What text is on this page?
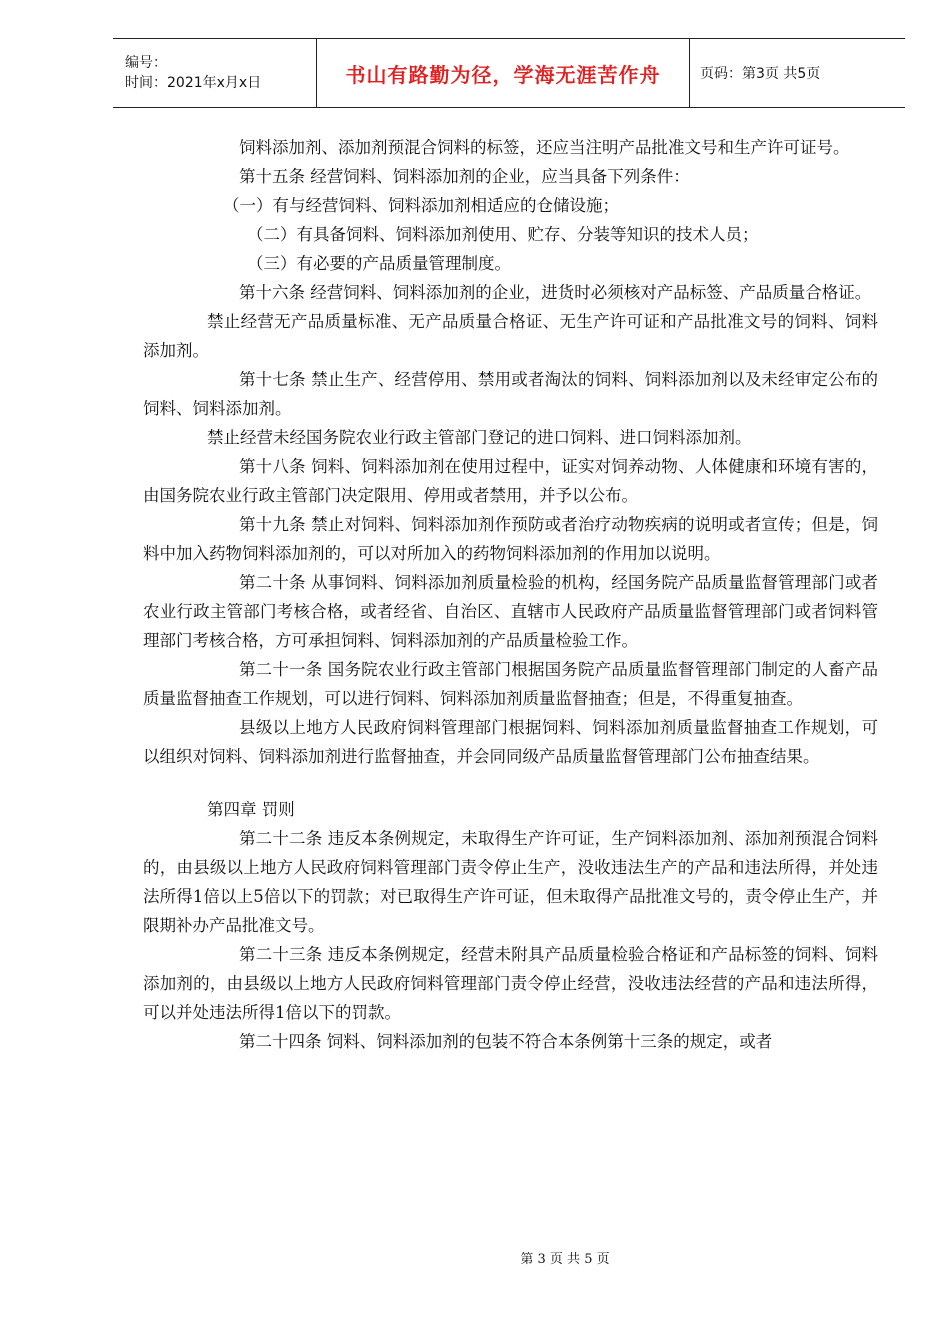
编号：
时间：2021年x月x日	书山有路勤为径，学海无涯苦作舟	页码：第3页 共5页

饲料添加剂、添加剂预混合饲料的标签，还应当注明产品批准文号和生产许可证号。

第十五条 经营饲料、饲料添加剂的企业，应当具备下列条件：

（一）有与经营饲料、饲料添加剂相适应的仓储设施；

（二）有具备饲料、饲料添加剂使用、贮存、分装等知识的技术人员；

（三）有必要的产品质量管理制度。

第十六条 经营饲料、饲料添加剂的企业，进货时必须核对产品标签、产品质量合格证。

禁止经营无产品质量标准、无产品质量合格证、无生产许可证和产品批准文号的饲料、饲料添加剂。

第十七条 禁止生产、经营停用、禁用或者淘汰的饲料、饲料添加剂以及未经审定公布的饲料、饲料添加剂。

禁止经营未经国务院农业行政主管部门登记的进口饲料、进口饲料添加剂。

第十八条 饲料、饲料添加剂在使用过程中，证实对饲养动物、人体健康和环境有害的，由国务院农业行政主管部门决定限用、停用或者禁用，并予以公布。

第十九条 禁止对饲料、饲料添加剂作预防或者治疗动物疾病的说明或者宣传；但是，饲料中加入药物饲料添加剂的，可以对所加入的药物饲料添加剂的作用加以说明。

第二十条 从事饲料、饲料添加剂质量检验的机构，经国务院产品质量监督管理部门或者农业行政主管部门考核合格，或者经省、自治区、直辖市人民政府产品质量监督管理部门或者饲料管理部门考核合格，方可承担饲料、饲料添加剂的产品质量检验工作。

第二十一条 国务院农业行政主管部门根据国务院产品质量监督管理部门制定的人畜产品质量监督抽查工作规划，可以进行饲料、饲料添加剂质量监督抽查；但是，不得重复抽查。

县级以上地方人民政府饲料管理部门根据饲料、饲料添加剂质量监督抽查工作规划，可以组织对饲料、饲料添加剂进行监督抽查，并会同同级产品质量监督管理部门公布抽查结果。

第四章 罚则

第二十二条 违反本条例规定，未取得生产许可证，生产饲料添加剂、添加剂预混合饲料的，由县级以上地方人民政府饲料管理部门责令停止生产，没收违法生产的产品和违法所得，并处违法所得1倍以上5倍以下的罚款；对已取得生产许可证，但未取得产品批准文号的，责令停止生产，并限期补办产品批准文号。

第二十三条 违反本条例规定，经营未附具产品质量检验合格证和产品标签的饲料、饲料添加剂的，由县级以上地方人民政府饲料管理部门责令停止经营，没收违法经营的产品和违法所得，可以并处违法所得1倍以下的罚款。

第二十四条 饲料、饲料添加剂的包装不符合本条例第十三条的规定，或者

第 3 页 共 5 页
